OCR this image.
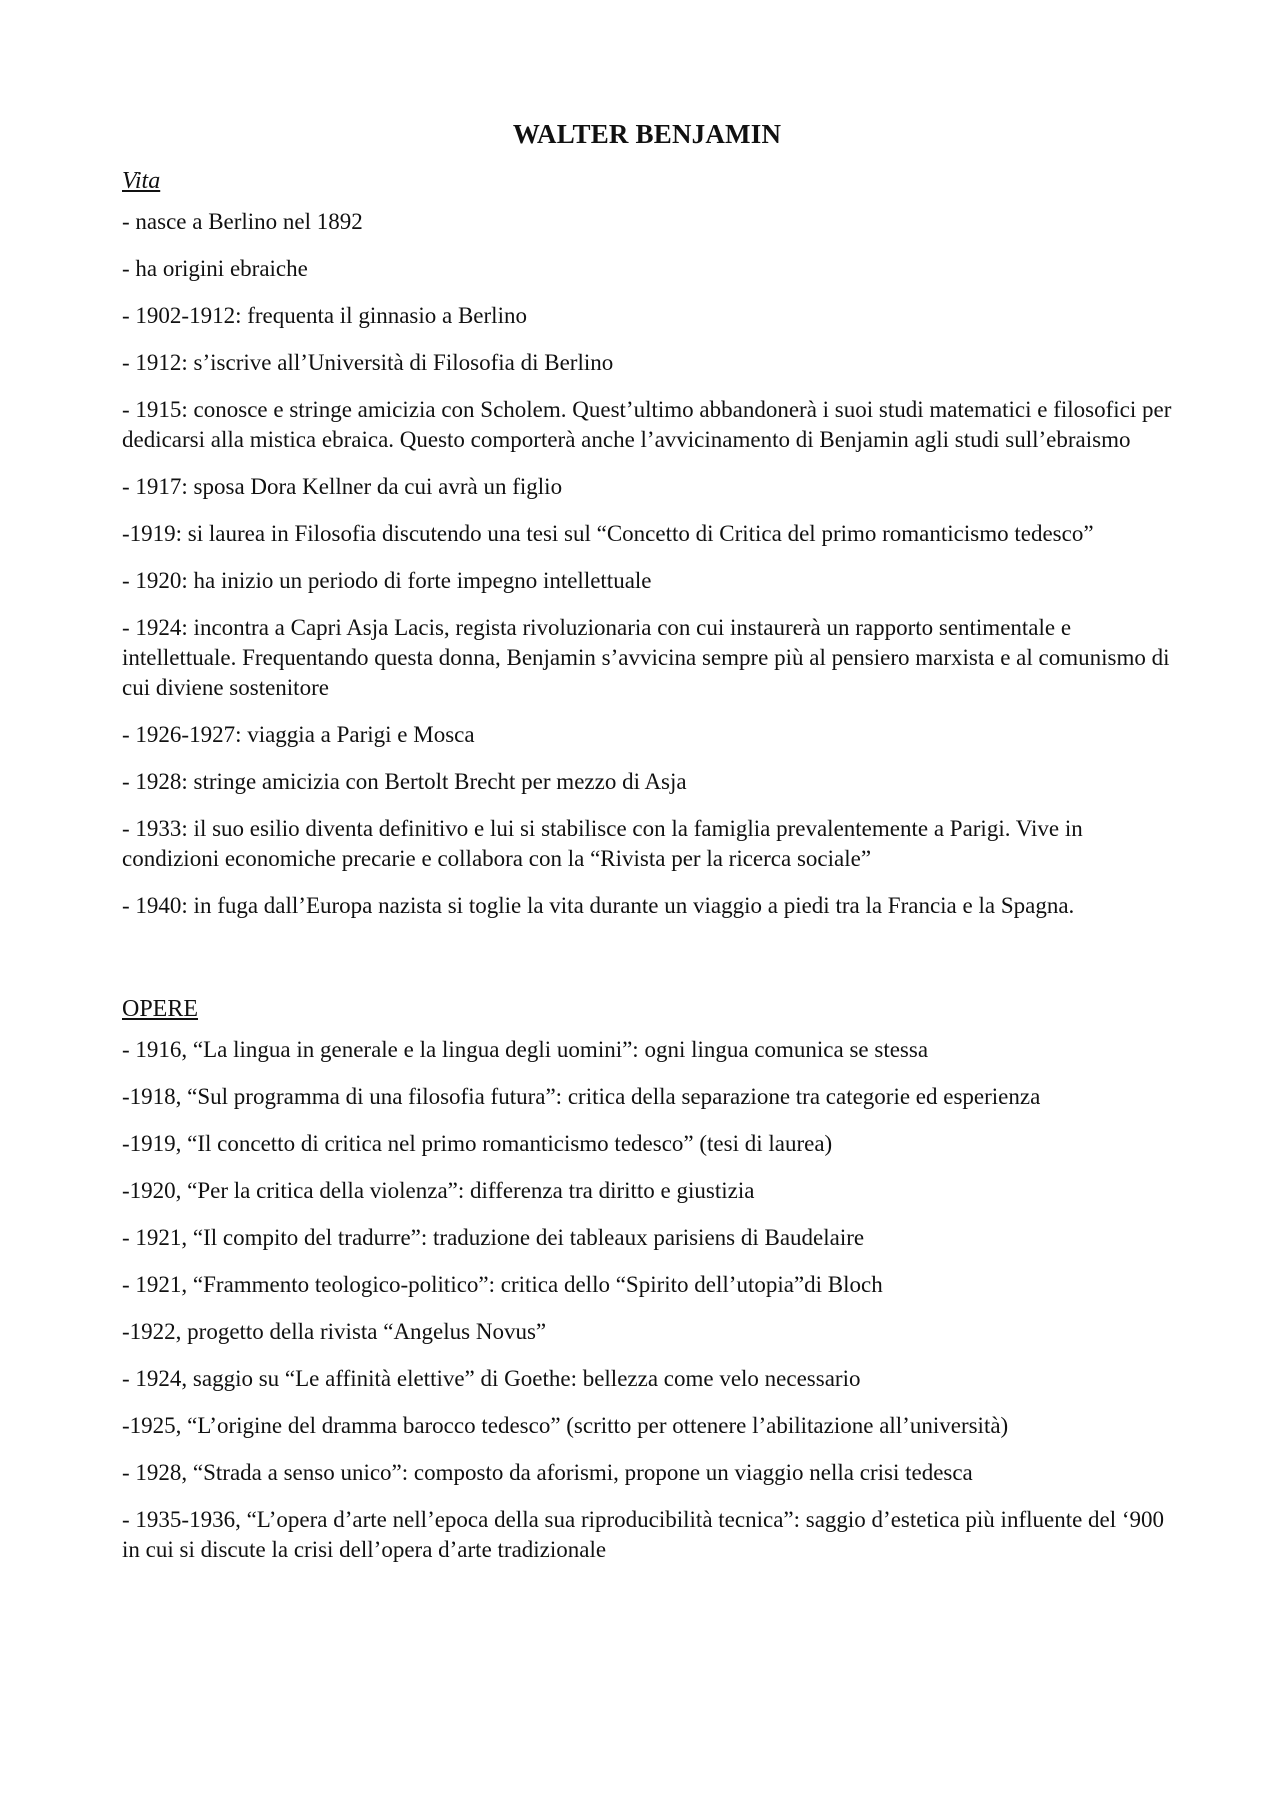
WALTER BENJAMIN
Vita
- nasce a Berlino nel 1892
- ha origini ebraiche
- 1902-1912: frequenta il ginnasio a Berlino
- 1912: s’iscrive all’Università di Filosofia di Berlino
- 1915: conosce e stringe amicizia con Scholem. Quest’ultimo abbandonerà i suoi studi matematici e filosofici per dedicarsi alla mistica ebraica. Questo comporterà anche l’avvicinamento di Benjamin agli studi sull’ebraismo
- 1917: sposa Dora Kellner da cui avrà un figlio
-1919: si laurea in Filosofia discutendo una tesi sul “Concetto di Critica del primo romanticismo tedesco”
- 1920: ha inizio un periodo di forte impegno intellettuale
- 1924: incontra a Capri Asja Lacis, regista rivoluzionaria con cui instaurerà un rapporto sentimentale e intellettuale. Frequentando questa donna, Benjamin s’avvicina sempre più al pensiero marxista e al comunismo di cui diviene sostenitore
- 1926-1927: viaggia a Parigi e Mosca
- 1928: stringe amicizia con Bertolt Brecht per mezzo di Asja
- 1933: il suo esilio diventa definitivo e lui si stabilisce con la famiglia prevalentemente a Parigi. Vive in condizioni economiche precarie e collabora con la “Rivista per la ricerca sociale”
- 1940: in fuga dall’Europa nazista si toglie la vita durante un viaggio a piedi tra la Francia e la Spagna.
OPERE
- 1916, “La lingua in generale e la lingua degli uomini”: ogni lingua comunica se stessa
-1918, “Sul programma di una filosofia futura”: critica della separazione tra categorie ed esperienza
-1919, “Il concetto di critica nel primo romanticismo tedesco” (tesi di laurea)
-1920, “Per la critica della violenza”: differenza tra diritto e giustizia
- 1921, “Il compito del tradurre”: traduzione dei tableaux parisiens di Baudelaire
- 1921, “Frammento teologico-politico”: critica dello “Spirito dell’utopia”di Bloch
-1922, progetto della rivista “Angelus Novus”
- 1924, saggio su “Le affinità elettive” di Goethe: bellezza come velo necessario
-1925, “L’origine del dramma barocco tedesco” (scritto per ottenere l’abilitazione all’università)
- 1928, “Strada a senso unico”: composto da aforismi, propone un viaggio nella crisi tedesca
- 1935-1936, “L’opera d’arte nell’epoca della sua riproducibilità tecnica”: saggio d’estetica più influente del ‘900 in cui si discute la crisi dell’opera d’arte tradizionale
